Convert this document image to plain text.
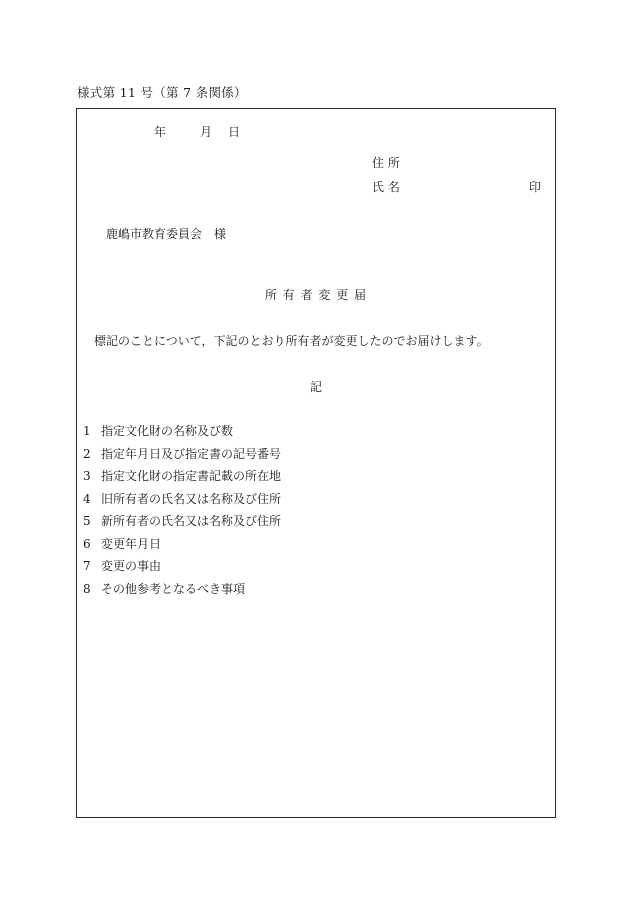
様式第 11 号（第 7 条関係）
年	月 日
住 所
氏 名	印
鹿嶋市教育委員会　様
所 有 者 変 更 届
標記のことについて，下記のとおり所有者が変更したのでお届けします。
記
1 指定文化財の名称及び数
2 指定年月日及び指定書の記号番号
3 指定文化財の指定書記載の所在地
4 旧所有者の氏名又は名称及び住所
5 新所有者の氏名又は名称及び住所
6 変更年月日
7 変更の事由
8 その他参考となるべき事項
